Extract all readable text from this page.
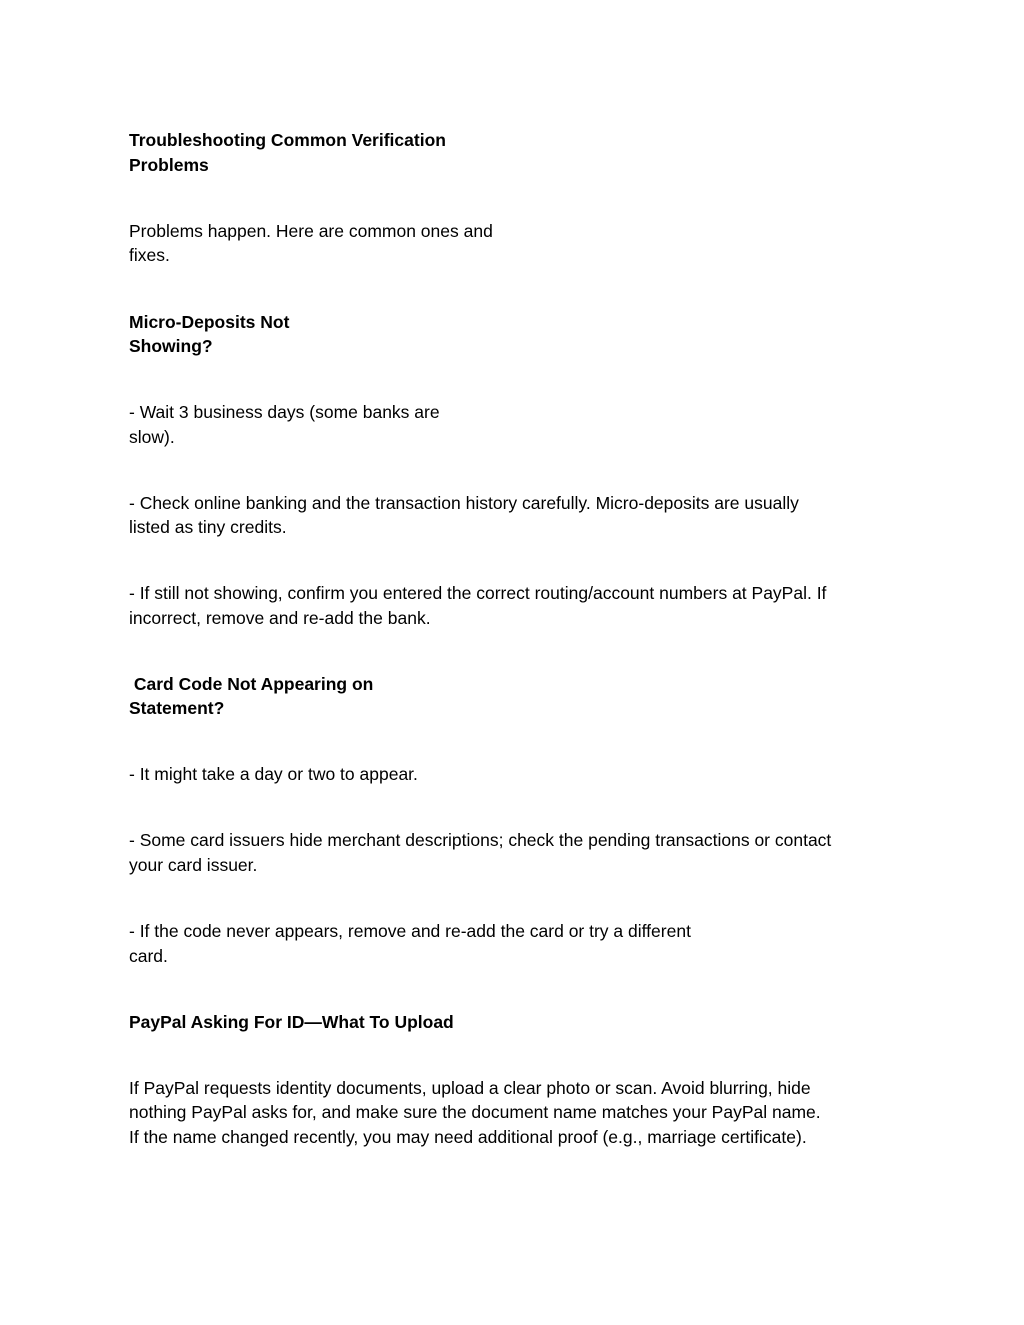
Troubleshooting Common Verification

Problems

Problems happen. Here are common ones and

fixes.

Micro-Deposits Not

Showing?

- Wait 3 business days (some banks are

slow).

- Check online banking and the transaction history carefully. Micro-deposits are usually

listed as tiny credits.

- If still not showing, confirm you entered the correct routing/account numbers at PayPal. If

incorrect, remove and re-add the bank.

Card Code Not Appearing on

Statement?

- It might take a day or two to appear.

- Some card issuers hide merchant descriptions; check the pending transactions or contact

your card issuer.

- If the code never appears, remove and re-add the card or try a different

card.

PayPal Asking For ID—What To Upload

If PayPal requests identity documents, upload a clear photo or scan. Avoid blurring, hide

nothing PayPal asks for, and make sure the document name matches your PayPal name.

If the name changed recently, you may need additional proof (e.g., marriage certificate).
